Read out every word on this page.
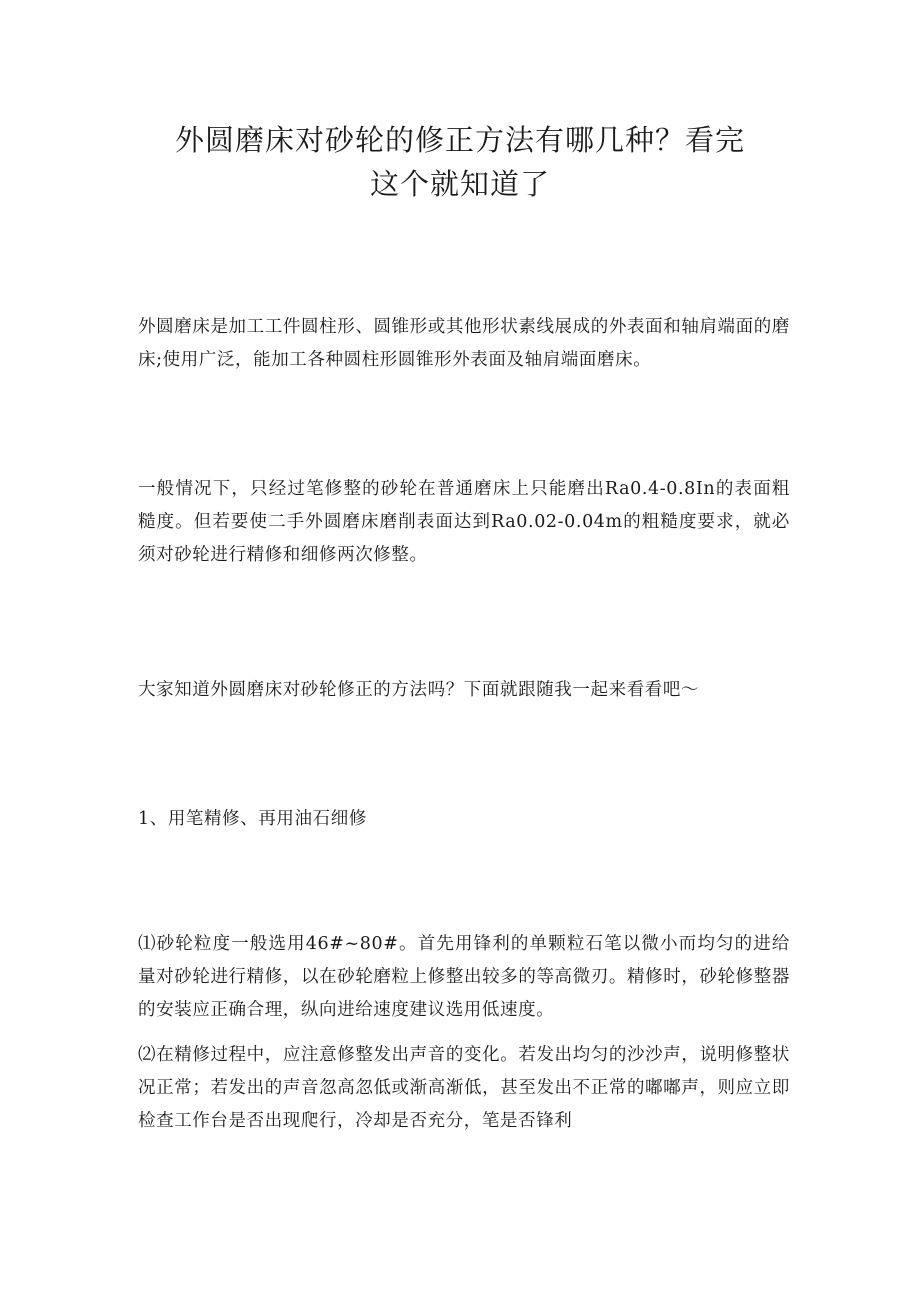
外圆磨床对砂轮的修正方法有哪几种？看完
这个就知道了

外圆磨床是加工工件圆柱形、圆锥形或其他形状素线展成的外表面和轴肩端面的磨床;使用广泛，能加工各种圆柱形圆锥形外表面及轴肩端面磨床。

一般情况下，只经过笔修整的砂轮在普通磨床上只能磨出Ra0.4-0.8In的表面粗糙度。但若要使二手外圆磨床磨削表面达到Ra0.02-0.04m的粗糙度要求，就必须对砂轮进行精修和细修两次修整。

大家知道外圆磨床对砂轮修正的方法吗？下面就跟随我一起来看看吧～

1、用笔精修、再用油石细修

⑴砂轮粒度一般选用46#~80#。首先用锋利的单颗粒石笔以微小而均匀的进给量对砂轮进行精修，以在砂轮磨粒上修整出较多的等高微刃。精修时，砂轮修整器的安装应正确合理，纵向进给速度建议选用低速度。

⑵在精修过程中，应注意修整发出声音的变化。若发出均匀的沙沙声，说明修整状况正常；若发出的声音忽高忽低或渐高渐低，甚至发出不正常的嘟嘟声，则应立即检查工作台是否出现爬行，冷却是否充分，笔是否锋利
